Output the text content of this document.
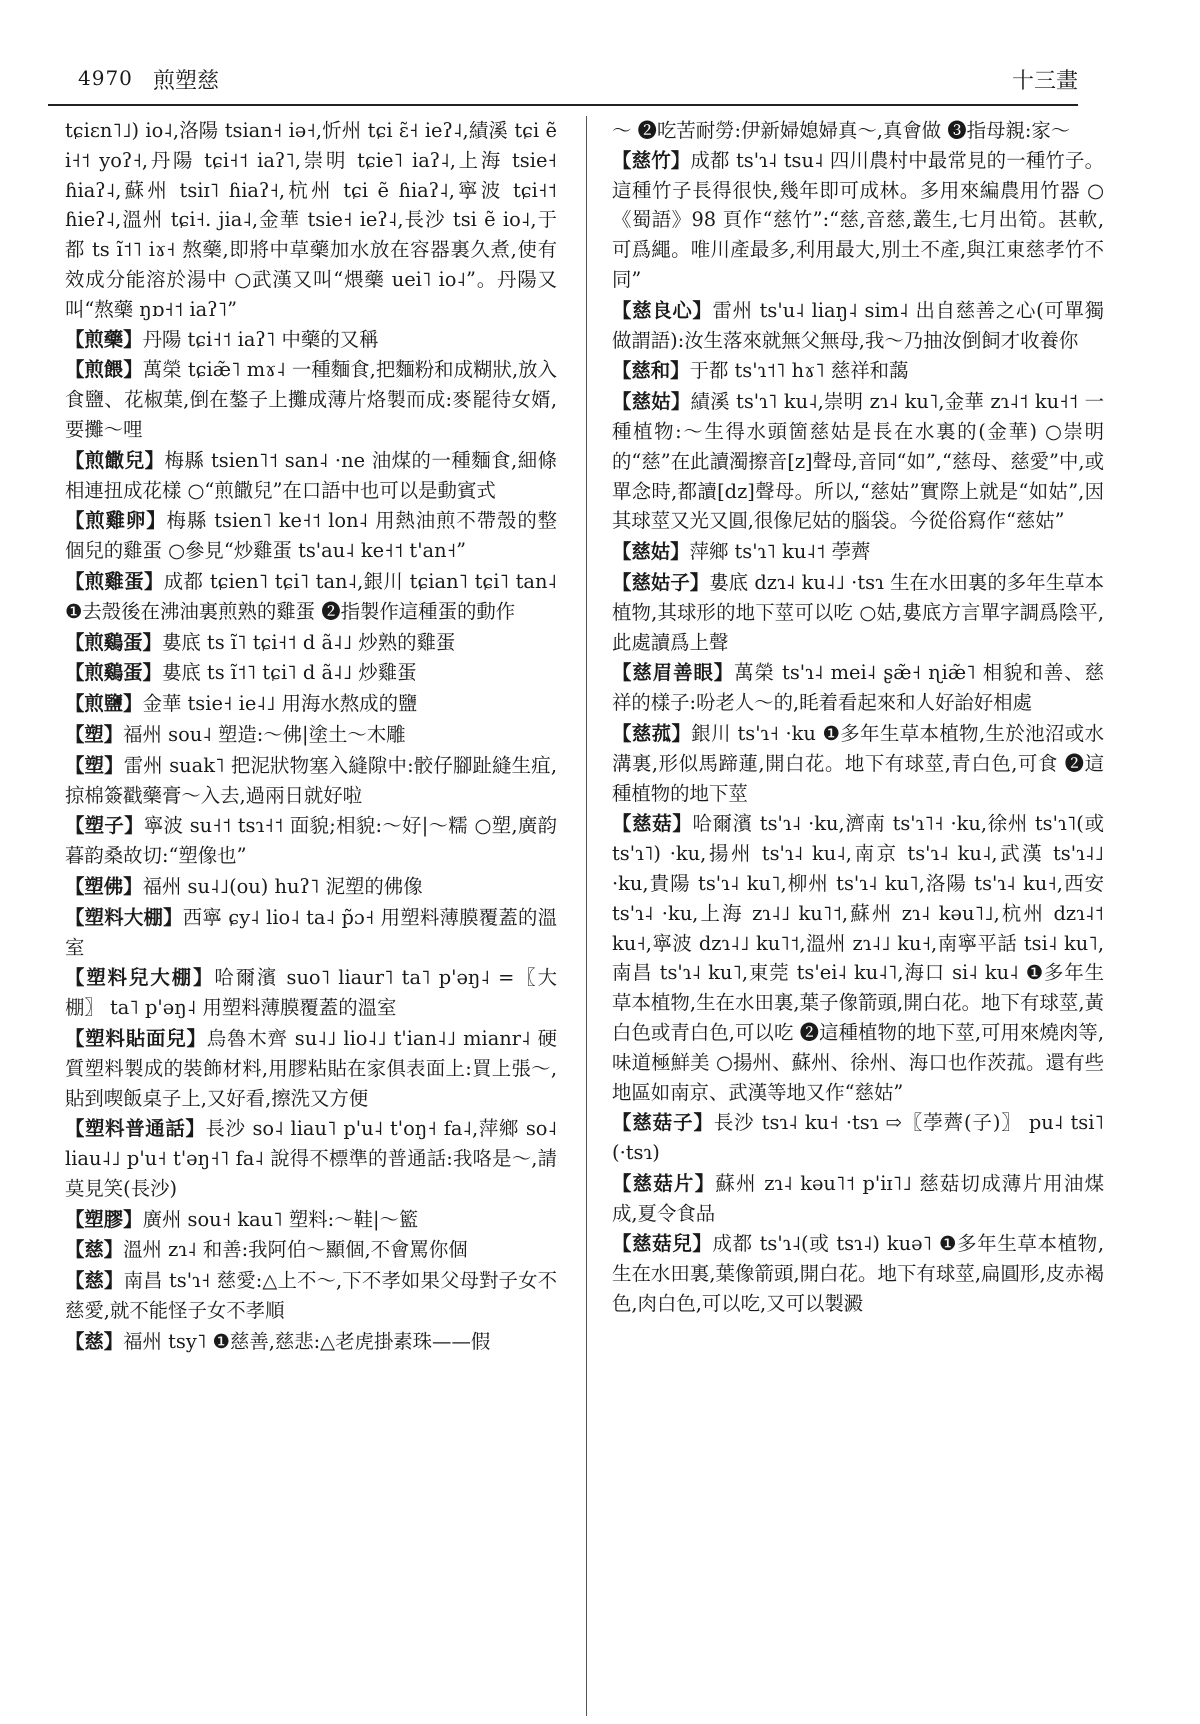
4970 煎塑慈	十三畫

tɕiɛn˥˩) io˨,洛陽 tsian˧ iə˧,忻州 tɕi ɛ̃˧ ieʔ˨,績溪 tɕi ẽ i˧˦ yoʔ˧,丹陽 tɕi˧˦ iaʔ˥,崇明 tɕie˥ iaʔ˨,上海 tsie˧ ɦiaʔ˨,蘇州 tsiɪ˥ ɦiaʔ˧,杭州 tɕi ẽ ɦiaʔ˨,寧波 tɕi˧˦ ɦieʔ˨,溫州 tɕi˧. jia˨,金華 tsie˧ ieʔ˨,長沙 tsi ẽ io˨,于都 ts ĩ˦˥ iɤ˧ 熬藥,即將中草藥加水放在容器裏久煮,使有效成分能溶於湯中 ○武漢又叫“煨藥 uei˥ io˨”。丹陽又叫“熬藥 ŋɒ˧˦ iaʔ˥”

【煎藥】丹陽 tɕi˧˦ iaʔ˥ 中藥的又稱

【煎餵】萬榮 tɕiæ̃˥ mɤ˨ 一種麵食,把麵粉和成糊狀,放入食鹽、花椒葉,倒在鏊子上攤成薄片烙製而成:麥罷待女婿,要攤～哩

【煎饊兒】梅縣 tsien˥˦ san˨ ·ne 油煤的一種麵食,細條相連扭成花樣 ○“煎饊兒”在口語中也可以是動賓式

【煎雞卵】梅縣 tsien˥ ke˧˦ lon˨ 用熱油煎不帶殼的整個兒的雞蛋 ○參見“炒雞蛋 ts'au˨ ke˧˦ t'an˧”

【煎雞蛋】成都 tɕien˥ tɕi˥ tan˨,銀川 tɕian˥ tɕi˥ tan˨ ❶去殼後在沸油裏煎熟的雞蛋 ❷指製作這種蛋的動作

【煎鷄蛋】婁底 ts ĩ˥ tɕi˧˦ d ã˨˩ 炒熟的雞蛋

【煎鷄蛋】婁底 ts ĩ˦˥ tɕi˥ d ã˨˩ 炒雞蛋

【煎鹽】金華 tsie˧ ie˨˩ 用海水熬成的鹽

【塑】福州 sou˨ 塑造:～佛|塗土～木雕

【塑】雷州 suak˥ 把泥狀物塞入縫隙中:骹仔腳趾縫生疽,掠棉簽戳藥膏～入去,過兩日就好啦

【塑子】寧波 su˧˦ tsɿ˧˦ 面貌;相貌:～好|～糯 ○塑,廣韵暮韵桑故切:“塑像也”

【塑佛】福州 su˨˩(ou) huʔ˥ 泥塑的佛像

【塑料大棚】西寧 ɕy˨ lio˨ ta˨ p̃ɔ˧ 用塑料薄膜覆蓋的溫室

【塑料兒大棚】哈爾濱 suo˥ liaur˥ ta˥ p'əŋ˨ =〖大棚〗 ta˥ p'əŋ˨ 用塑料薄膜覆蓋的溫室

【塑料貼面兒】烏魯木齊 su˨˩ lio˨˩ t'ian˨˩ mianr˨ 硬質塑料製成的裝飾材料,用膠粘貼在家俱表面上:買上張～,貼到喫飯桌子上,又好看,擦洗又方便

【塑料普通話】長沙 so˨ liau˥ p'u˨ t'oŋ˧ fa˨,萍鄉 so˨ liau˨˩ p'u˧ t'əŋ˧˥ fa˨ 說得不標準的普通話:我咯是～,請莫見笑(長沙)

【塑膠】廣州 sou˧ kau˥ 塑料:～鞋|～籃

【慈】溫州 zɿ˨ 和善:我阿伯～顯個,不會罵你個

【慈】南昌 ts'ɿ˧ 慈愛:△上不～,下不孝如果父母對子女不慈愛,就不能怪子女不孝順

【慈】福州 tsy˥ ❶慈善,慈悲:△老虎掛素珠——假

～ ❷吃苦耐勞:伊新婦媳婦真～,真會做 ❸指母親:家～

【慈竹】成都 ts'ɿ˨ tsu˨ 四川農村中最常見的一種竹子。這種竹子長得很快,幾年即可成林。多用來編農用竹器 ○《蜀語》98 頁作“慈竹”:“慈,音慈,叢生,七月出筍。甚軟,可爲繩。唯川產最多,利用最大,別土不產,與江東慈孝竹不同”

【慈良心】雷州 ts'u˨ liaŋ˨ sim˨ 出自慈善之心(可單獨做謂語):汝生落來就無父無母,我～乃抽汝倒飼才收養你

【慈和】于都 ts'ɿ˦˥ hɤ˥ 慈祥和藹

【慈姑】績溪 ts'ɿ˥ ku˨,崇明 zɿ˨ ku˥,金華 zɿ˨˦ ku˧˦ 一種植物:～生得水頭箇慈姑是長在水裏的(金華) ○崇明的“慈”在此讀濁擦音[z]聲母,音同“如”,“慈母、慈愛”中,或單念時,都讀[dz]聲母。所以,“慈姑”實際上就是“如姑”,因其球莖又光又圓,很像尼姑的腦袋。今從俗寫作“慈姑”

【慈姑】萍鄉 ts'ɿ˥ ku˨˦ 荸薺

【慈姑子】婁底 dzɿ˨ ku˨˩ ·tsɿ 生在水田裏的多年生草本植物,其球形的地下莖可以吃 ○姑,婁底方言單字調爲陰平,此處讀爲上聲

【慈眉善眼】萬榮 ts'ɿ˨ mei˨ ʂæ̃˧ ɳiæ̃˥ 相貌和善、慈祥的樣子:吩老人～的,眊着看起來和人好詒好相處

【慈菰】銀川 ts'ɿ˧ ·ku ❶多年生草本植物,生於池沼或水溝裏,形似馬蹄蓮,開白花。地下有球莖,青白色,可食 ❷這種植物的地下莖

【慈菇】哈爾濱 ts'ɿ˨ ·ku,濟南 ts'ɿ˥˧ ·ku,徐州 ts'ɿ˥(或ts'ɿ˥) ·ku,揚州 ts'ɿ˨ ku˨,南京 ts'ɿ˨ ku˨,武漢 ts'ɿ˨˩ ·ku,貴陽 ts'ɿ˨ ku˥,柳州 ts'ɿ˨ ku˥,洛陽 ts'ɿ˨ ku˧,西安 ts'ɿ˨ ·ku,上海 zɿ˨˩ ku˥˦,蘇州 zɿ˨ kəu˥˩,杭州 dzɿ˨˦ ku˧,寧波 dzɿ˨˩ ku˥˦,溫州 zɿ˨˩ ku˧,南寧平話 tsi˨ ku˥,南昌 ts'ɿ˨ ku˥,東莞 ts'ei˨ ku˨˥,海口 si˨ ku˨ ❶多年生草本植物,生在水田裏,葉子像箭頭,開白花。地下有球莖,黃白色或青白色,可以吃 ❷這種植物的地下莖,可用來燒肉等,味道極鮮美 ○揚州、蘇州、徐州、海口也作茨菰。還有些地區如南京、武漢等地又作“慈姑”

【慈菇子】長沙 tsɿ˨ ku˧ ·tsɿ ⇨〖荸薺(子)〗 pu˨ tsi˥ (·tsɿ)

【慈菇片】蘇州 zɿ˨ kəu˥˦ p'iɪ˥˩ 慈菇切成薄片用油煤成,夏令食品

【慈菇兒】成都 ts'ɿ˨(或 tsɿ˨) kuə˥ ❶多年生草本植物,生在水田裏,葉像箭頭,開白花。地下有球莖,扁圓形,皮赤褐色,肉白色,可以吃,又可以製澱
